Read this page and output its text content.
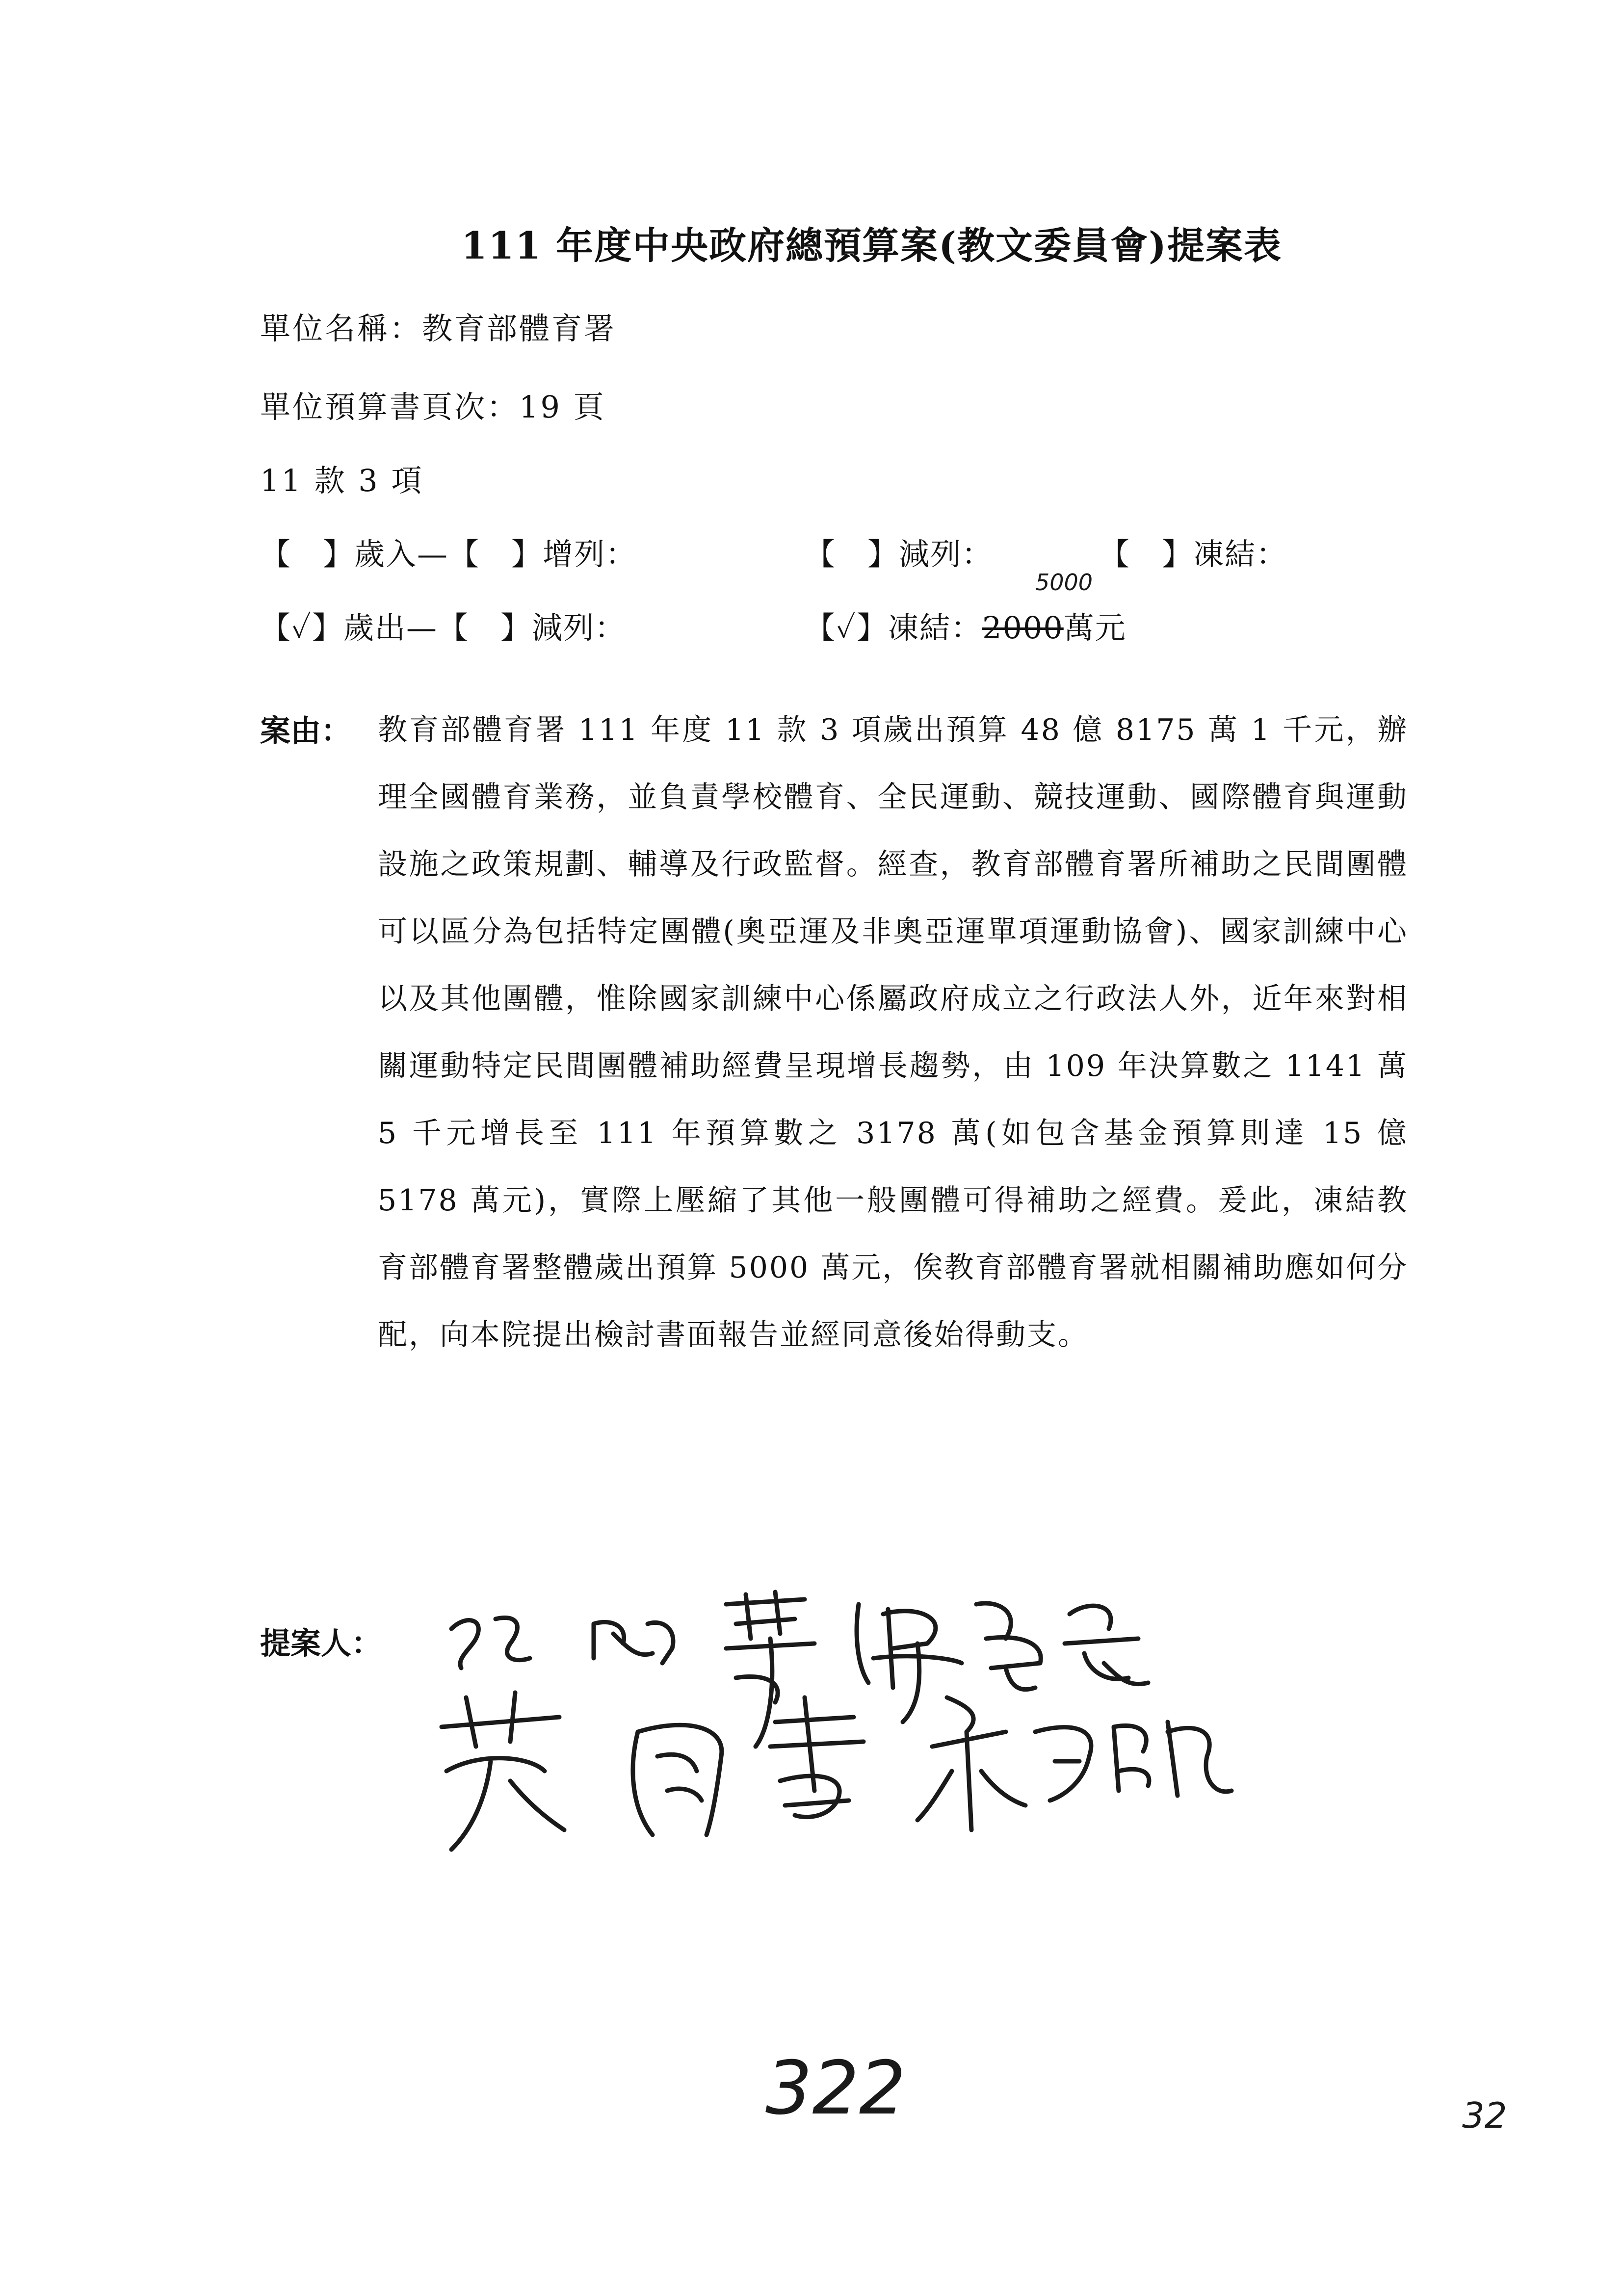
111 年度中央政府總預算案(教文委員會)提案表
單位名稱：教育部體育署
單位預算書頁次：19 頁
11 款 3 項
【　】歲入—【　】增列：	【　】減列：	【　】凍結：
5000
【✓】歲出—【　】減列：	【✓】凍結：2000萬元
案由： 教育部體育署 111 年度 11 款 3 項歲出預算 48 億 8175 萬 1 千元，辦理全國體育業務，並負責學校體育、全民運動、競技運動、國際體育與運動設施之政策規劃、輔導及行政監督。經查，教育部體育署所補助之民間團體可以區分為包括特定團體(奧亞運及非奧亞運單項運動協會)、國家訓練中心以及其他團體，惟除國家訓練中心係屬政府成立之行政法人外，近年來對相關運動特定民間團體補助經費呈現增長趨勢，由 109 年決算數之 1141 萬 5 千元增長至 111 年預算數之 3178 萬(如包含基金預算則達 15 億 5178 萬元)，實際上壓縮了其他一般團體可得補助之經費。爰此，凍結教育部體育署整體歲出預算 5000 萬元，俟教育部體育署就相關補助應如何分配，向本院提出檢討書面報告並經同意後始得動支。
提案人：
322	32
